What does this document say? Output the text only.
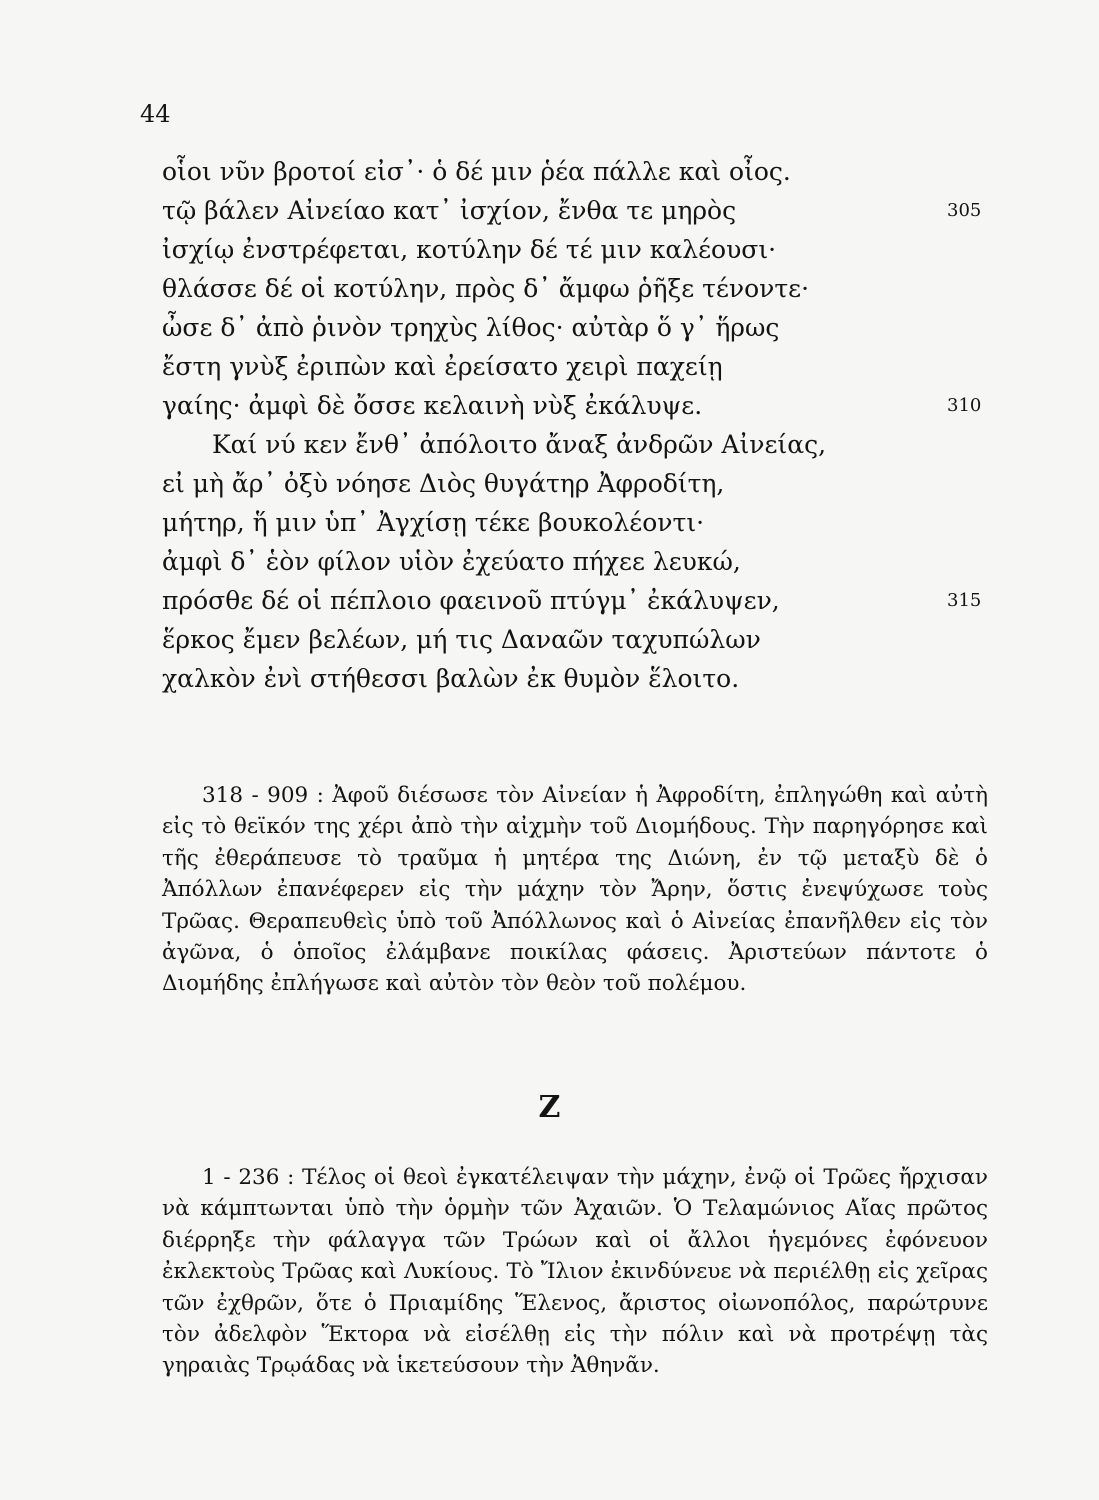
44
οἷοι νῦν βροτοί εἰσ᾽· ὁ δέ μιν ῥέα πάλλε καὶ οἶος.
τῷ βάλεν Αἰνείαο κατ᾽ ἰσχίον, ἔνθα τε μηρὸς	305
ἰσχίῳ ἐνστρέφεται, κοτύλην δέ τέ μιν καλέουσι·
θλάσσε δέ οἱ κοτύλην, πρὸς δ᾽ ἄμφω ῥῆξε τένοντε·
ὦσε δ᾽ ἀπὸ ῥινὸν τρηχὺς λίθος· αὐτὰρ ὅ γ᾽ ἥρως
ἔστη γνὺξ ἐριπὼν καὶ ἐρείσατο χειρὶ παχείῃ
γαίης· ἀμφὶ δὲ ὄσσε κελαινὴ νὺξ ἐκάλυψε.	310
Καί νύ κεν ἔνθ᾽ ἀπόλοιτο ἄναξ ἀνδρῶν Αἰνείας,
εἰ μὴ ἄρ᾽ ὀξὺ νόησε Διὸς θυγάτηρ Ἀφροδίτη,
μήτηρ, ἥ μιν ὑπ᾽ Ἀγχίσῃ τέκε βουκολέοντι·
ἀμφὶ δ᾽ ἑὸν φίλον υἱὸν ἐχεύατο πήχεε λευκώ,
πρόσθε δέ οἱ πέπλοιο φαεινοῦ πτύγμ᾽ ἐκάλυψεν,	315
ἕρκος ἔμεν βελέων, μή τις Δαναῶν ταχυπώλων
χαλκὸν ἐνὶ στήθεσσι βαλὼν ἐκ θυμὸν ἕλοιτο.

318 - 909 : Ἀφοῦ διέσωσε τὸν Αἰνείαν ἡ Ἀφροδίτη, ἐπληγώθη καὶ αὐτὴ εἰς τὸ θεϊκόν της χέρι ἀπὸ τὴν αἰχμὴν τοῦ Διομήδους. Τὴν παρηγόρησε καὶ τῆς ἐθεράπευσε τὸ τραῦμα ἡ μητέρα της Διώνη, ἐν τῷ μεταξὺ δὲ ὁ Ἀπόλλων ἐπανέφερεν εἰς τὴν μάχην τὸν Ἄρην, ὅστις ἐνεψύχωσε τοὺς Τρῶας. Θεραπευθεὶς ὑπὸ τοῦ Ἀπόλλωνος καὶ ὁ Αἰνείας ἐπανῆλθεν εἰς τὸν ἀγῶνα, ὁ ὁποῖος ἐλάμβανε ποικίλας φάσεις. Ἀριστεύων πάντοτε ὁ Διομήδης ἐπλήγωσε καὶ αὐτὸν τὸν θεὸν τοῦ πολέμου.

Ζ

1 - 236 : Τέλος οἱ θεοὶ ἐγκατέλειψαν τὴν μάχην, ἐνῷ οἱ Τρῶες ἤρχισαν νὰ κάμπτωνται ὑπὸ τὴν ὁρμὴν τῶν Ἀχαιῶν. Ὁ Τελαμώνιος Αἴας πρῶτος διέρρηξε τὴν φάλαγγα τῶν Τρώων καὶ οἱ ἄλλοι ἡγεμόνες ἐφόνευον ἐκλεκτοὺς Τρῶας καὶ Λυκίους. Τὸ Ἴλιον ἐκινδύνευε νὰ περιέλθῃ εἰς χεῖρας τῶν ἐχθρῶν, ὅτε ὁ Πριαμίδης Ἕλενος, ἄριστος οἰωνοπόλος, παρώτρυνε τὸν ἀδελφὸν Ἕκτορα νὰ εἰσέλθῃ εἰς τὴν πόλιν καὶ νὰ προτρέψῃ τὰς γηραιὰς Τρῳάδας νὰ ἱκετεύσουν τὴν Ἀθηνᾶν.
